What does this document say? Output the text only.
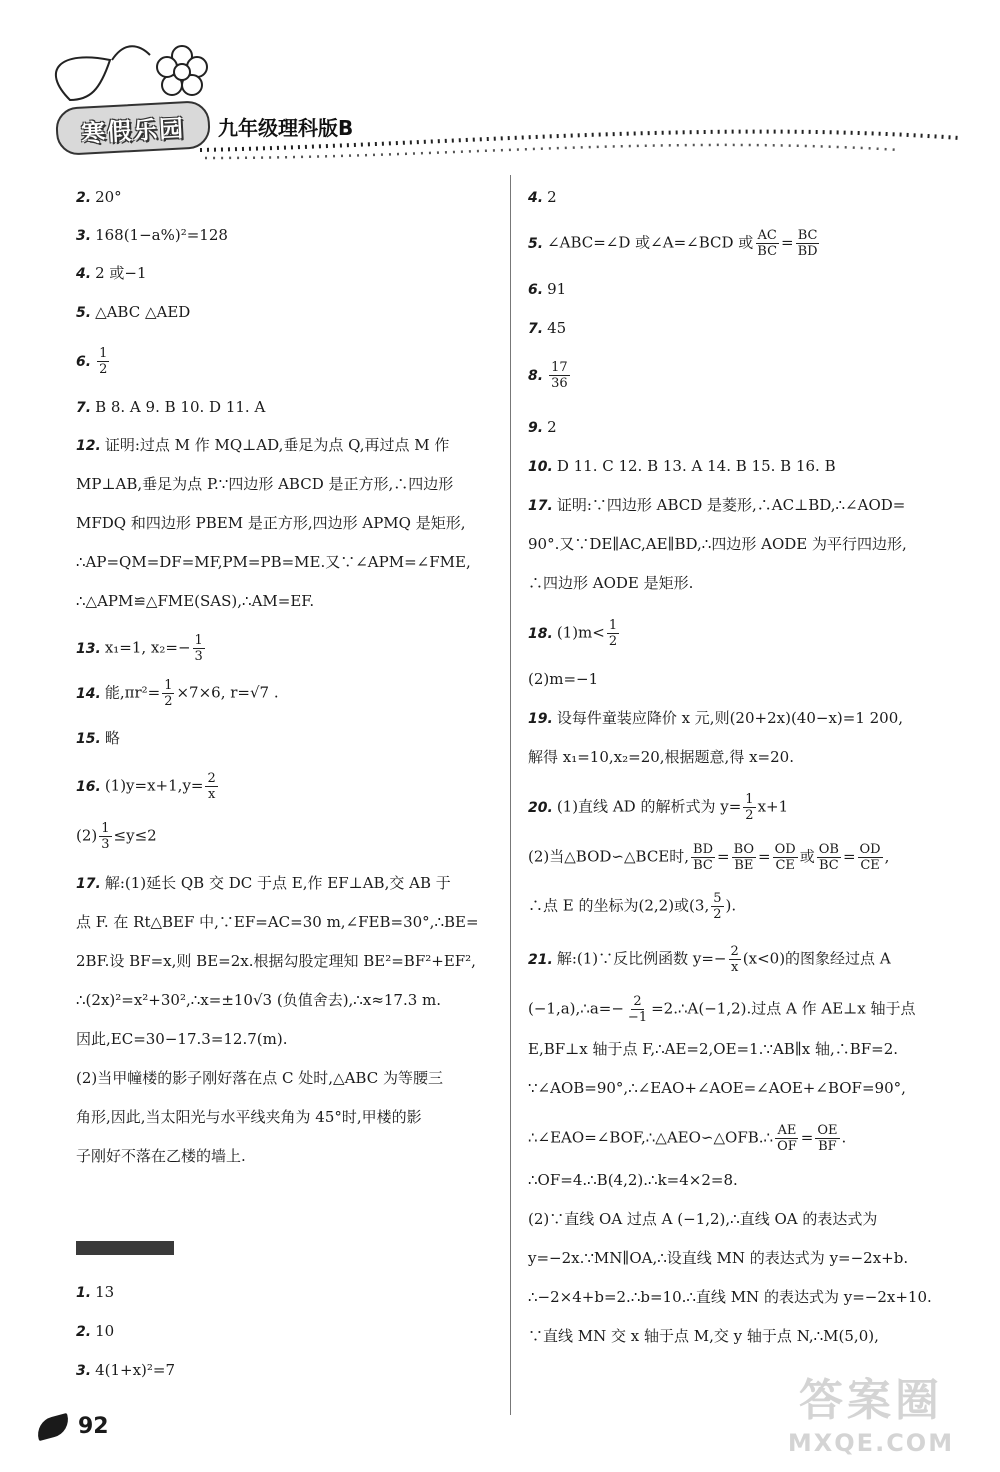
寒假乐园	九年级理科版B
2. 20°
3. 168(1−a%)²=128
4. 2 或−1
5. △ABC △AED
6. $\frac{1}{2}$
7. B 8. A 9. B 10. D 11. A
12. 证明:过点 M 作 MQ⊥AD,垂足为点 Q,再过点 M 作
MP⊥AB,垂足为点 P.∵四边形 ABCD 是正方形,∴四边形
MFDQ 和四边形 PBEM 是正方形,四边形 APMQ 是矩形,
∴AP=QM=DF=MF,PM=PB=ME.又∵∠APM=∠FME,
∴△APM≌△FME(SAS),∴AM=EF.
13. x₁=1, $x_2=- \frac{1}{3}$
14. 能$,\pi r^2= \frac{1}{2} \times 7\times 6$, r=√7 .
15. 略
16. $(1)y=x+1,y= \frac{2}{x}$
$(2) \frac{1}{3} \le y\le 2$
17. 解:(1)延长 QB 交 DC 于点 E,作 EF⊥AB,交 AB 于
点 F. 在 Rt△BEF 中,∵EF=AC=30 m,∠FEB=30°,∴BE=
2BF.设 BF=x,则 BE=2x.根据勾股定理知 BE²=BF²+EF²,
∴(2x)²=x²+30²,∴x=±10√3 (负值舍去),∴x≈17.3 m.
因此,EC=30−17.3=12.7(m).
(2)当甲幢楼的影子刚好落在点 C 处时,△ABC 为等腰三
角形,因此,当太阳光与水平线夹角为 45°时,甲楼的影
子刚好不落在乙楼的墙上.
1. 13
2. 10
3. 4(1+x)²=7
4. 2
5. ∠ABC=∠D 或∠A=∠BCD 或 $\frac{AC}{BC} = \frac{BC}{BD}$
6. 91
7. 45
8. $\frac{17}{36}$
9. 2
10. D 11. C 12. B 13. A 14. B 15. B 16. B
17. 证明:∵四边形 ABCD 是菱形,∴AC⊥BD,∴∠AOD=
90°.又∵DE∥AC,AE∥BD,∴四边形 AODE 为平行四边形,
∴四边形 AODE 是矩形.
18. $(1)m< \frac{1}{2}$
(2)m=−1
19. 设每件童装应降价 x 元,则(20+2x)(40−x)=1 200,
解得 x₁=10,x₂=20,根据题意,得 x=20.
20. (1)直线 AD 的解析式为 $y= \frac{1}{2} x+1$
(2)当△BOD∽△BCE时, $\frac{BD}{BC} = \frac{BO}{BE} = \frac{OD}{CE}$ 或 $\frac{OB}{BC} = \frac{OD}{CE}$ ,
∴点 E 的坐标为(2,2)或(3, $\frac{5}{2}$ ).
21. 解:(1)∵反比例函数 $y=- \frac{2}{x} (x<0)$的图象经过点 A
(−1,a),∴a=− $\frac{2}{-1}$ =2.∴A(−1,2).过点 A 作 AE⊥x 轴于点
E,BF⊥x 轴于点 F,∴AE=2,OE=1.∵AB∥x 轴,∴BF=2.
∵∠AOB=90°,∴∠EAO+∠AOE=∠AOE+∠BOF=90°,
∴∠EAO=∠BOF,∴△AEO∽△OFB.∴ $\frac{AE}{OF} = \frac{OE}{BF}$ .
∴OF=4.∴B(4,2).∴k=4×2=8.
(2)∵直线 OA 过点 A (−1,2),∴直线 OA 的表达式为
y=−2x.∵MN∥OA,∴设直线 MN 的表达式为 y=−2x+b.
∴−2×4+b=2.∴b=10.∴直线 MN 的表达式为 y=−2x+10.
∵直线 MN 交 x 轴于点 M,交 y 轴于点 N,∴M(5,0),
92
答案圈
MXQE.COM
